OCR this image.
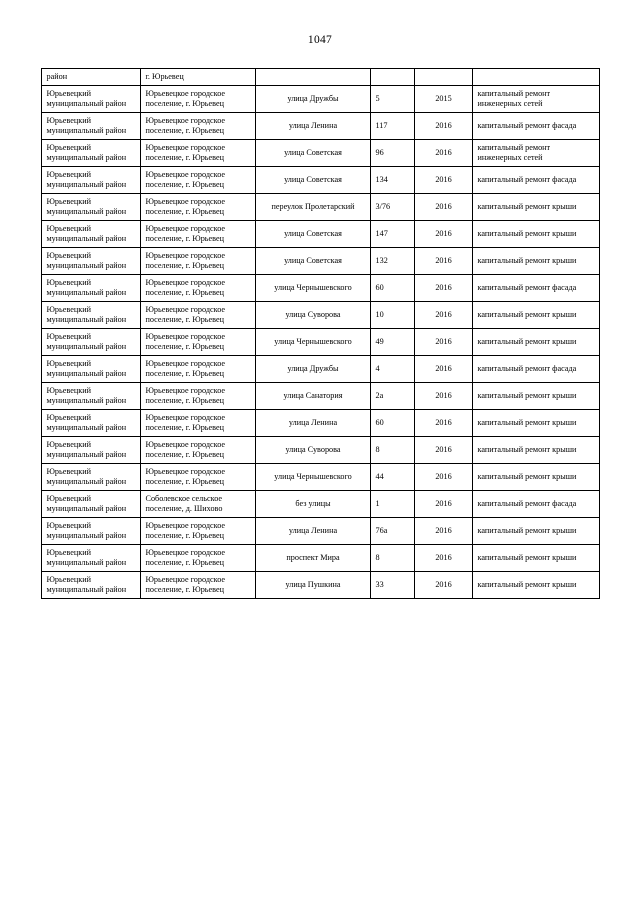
1047
район	г. Юрьевец				
Юрьевецкий муниципальный район	Юрьевецкое городское поселение, г. Юрьевец	улица Дружбы	5	2015	капитальный ремонт инженерных сетей
Юрьевецкий муниципальный район	Юрьевецкое городское поселение, г. Юрьевец	улица Ленина	117	2016	капитальный ремонт фасада
Юрьевецкий муниципальный район	Юрьевецкое городское поселение, г. Юрьевец	улица Советская	96	2016	капитальный ремонт инженерных сетей
Юрьевецкий муниципальный район	Юрьевецкое городское поселение, г. Юрьевец	улица Советская	134	2016	капитальный ремонт фасада
Юрьевецкий муниципальный район	Юрьевецкое городское поселение, г. Юрьевец	переулок Пролетарский	3/76	2016	капитальный ремонт крыши
Юрьевецкий муниципальный район	Юрьевецкое городское поселение, г. Юрьевец	улица Советская	147	2016	капитальный ремонт крыши
Юрьевецкий муниципальный район	Юрьевецкое городское поселение, г. Юрьевец	улица Советская	132	2016	капитальный ремонт крыши
Юрьевецкий муниципальный район	Юрьевецкое городское поселение, г. Юрьевец	улица Чернышевского	60	2016	капитальный ремонт фасада
Юрьевецкий муниципальный район	Юрьевецкое городское поселение, г. Юрьевец	улица Суворова	10	2016	капитальный ремонт крыши
Юрьевецкий муниципальный район	Юрьевецкое городское поселение, г. Юрьевец	улица Чернышевского	49	2016	капитальный ремонт крыши
Юрьевецкий муниципальный район	Юрьевецкое городское поселение, г. Юрьевец	улица Дружбы	4	2016	капитальный ремонт фасада
Юрьевецкий муниципальный район	Юрьевецкое городское поселение, г. Юрьевец	улица Санатория	2а	2016	капитальный ремонт крыши
Юрьевецкий муниципальный район	Юрьевецкое городское поселение, г. Юрьевец	улица Ленина	60	2016	капитальный ремонт крыши
Юрьевецкий муниципальный район	Юрьевецкое городское поселение, г. Юрьевец	улица Суворова	8	2016	капитальный ремонт крыши
Юрьевецкий муниципальный район	Юрьевецкое городское поселение, г. Юрьевец	улица Чернышевского	44	2016	капитальный ремонт крыши
Юрьевецкий муниципальный район	Соболевское сельское поселение, д. Шихово	без улицы	1	2016	капитальный ремонт фасада
Юрьевецкий муниципальный район	Юрьевецкое городское поселение, г. Юрьевец	улица Ленина	76а	2016	капитальный ремонт крыши
Юрьевецкий муниципальный район	Юрьевецкое городское поселение, г. Юрьевец	проспект Мира	8	2016	капитальный ремонт крыши
Юрьевецкий муниципальный район	Юрьевецкое городское поселение, г. Юрьевец	улица Пушкина	33	2016	капитальный ремонт крыши
